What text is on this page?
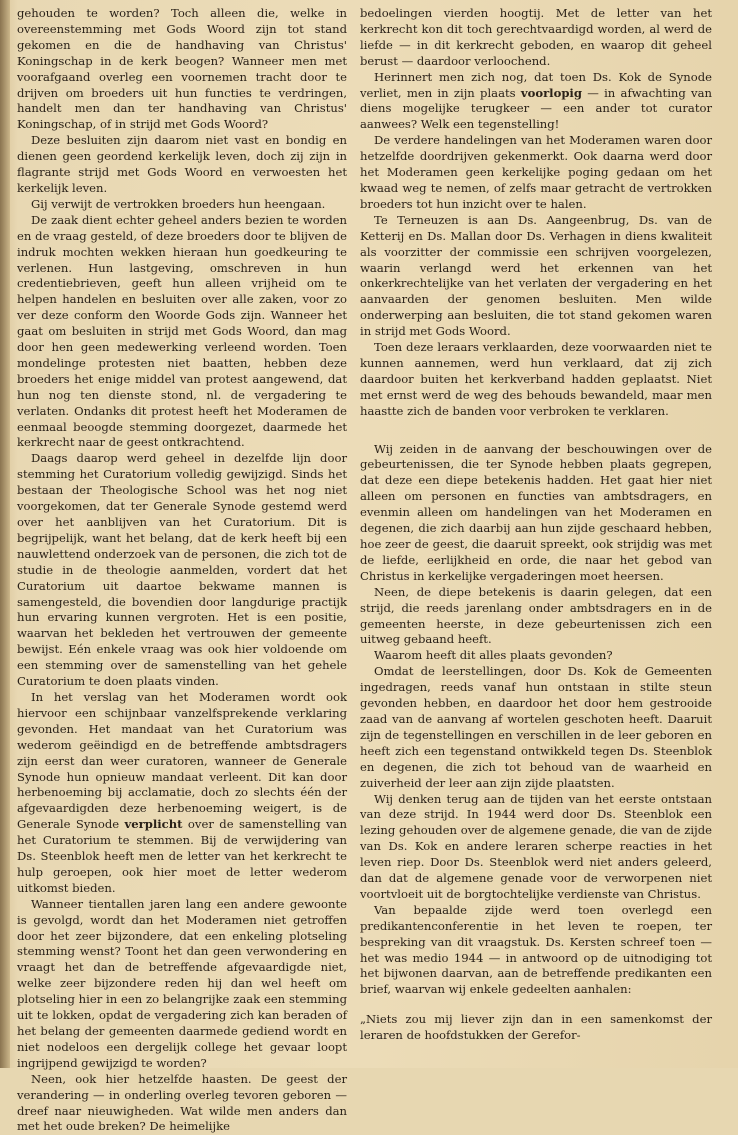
gehouden te worden? Toch alleen die, welke in overeenstemming met Gods Woord zijn tot stand gekomen en die de handhaving van Christus' Koningschap in de kerk beogen? Wanneer men met voorafgaand overleg een voornemen tracht door te drijven om broeders uit hun functies te verdringen, handelt men dan ter handhaving van Christus' Koningschap, of in strijd met Gods Woord?

Deze besluiten zijn daarom niet vast en bondig en dienen geen geordend kerkelijk leven, doch zij zijn in flagrante strijd met Gods Woord en verwoesten het kerkelijk leven.

Gij verwijt de vertrokken broeders hun heengaan.

De zaak dient echter geheel anders bezien te worden en de vraag gesteld, of deze broeders door te blijven de indruk mochten wekken hieraan hun goedkeuring te verlenen. Hun lastgeving, omschreven in hun credentiebrieven, geeft hun alleen vrijheid om te helpen handelen en besluiten over alle zaken, voor zo ver deze conform den Woorde Gods zijn. Wanneer het gaat om besluiten in strijd met Gods Woord, dan mag door hen geen medewerking verleend worden. Toen mondelinge protesten niet baatten, hebben deze broeders het enige middel van protest aangewend, dat hun nog ten dienste stond, nl. de vergadering te verlaten. Ondanks dit protest heeft het Moderamen de eenmaal beoogde stemming doorgezet, daarmede het kerkrecht naar de geest ontkrachtend.

Daags daarop werd geheel in dezelfde lijn door stemming het Curatorium volledig gewijzigd. Sinds het bestaan der Theologische School was het nog niet voorgekomen, dat ter Generale Synode gestemd werd over het aanblijven van het Curatorium. Dit is begrijpelijk, want het belang, dat de kerk heeft bij een nauwlettend onderzoek van de personen, die zich tot de studie in de theologie aanmelden, vordert dat het Curatorium uit daartoe bekwame mannen is samengesteld, die bovendien door langdurige practijk hun ervaring kunnen vergroten. Het is een positie, waarvan het bekleden het vertrouwen der gemeente bewijst. Eén enkele vraag was ook hier voldoende om een stemming over de samenstelling van het gehele Curatorium te doen plaats vinden.

In het verslag van het Moderamen wordt ook hiervoor een schijnbaar vanzelfsprekende verklaring gevonden. Het mandaat van het Curatorium was wederom geëindigd en de betreffende ambtsdragers zijn eerst dan weer curatoren, wanneer de Generale Synode hun opnieuw mandaat verleent. Dit kan door herbenoeming bij acclamatie, doch zo slechts één der afgevaardigden deze herbenoeming weigert, is de Generale Synode verplicht over de samenstelling van het Curatorium te stemmen. Bij de verwijdering van Ds. Steenblok heeft men de letter van het kerkrecht te hulp geroepen, ook hier moet de letter wederom uitkomst bieden.

Wanneer tientallen jaren lang een andere gewoonte is gevolgd, wordt dan het Moderamen niet getroffen door het zeer bijzondere, dat een enkeling plotseling stemming wenst? Toont het dan geen verwondering en vraagt het dan de betreffende afgevaardigde niet, welke zeer bijzondere reden hij dan wel heeft om plotseling hier in een zo belangrijke zaak een stemming uit te lokken, opdat de vergadering zich kan beraden of het belang der gemeenten daarmede gediend wordt en niet nodeloos een dergelijk college het gevaar loopt ingrijpend gewijzigd te worden?

Neen, ook hier hetzelfde haasten. De geest der verandering — in onderling overleg tevoren geboren — dreef naar nieuwigheden. Wat wilde men anders dan met het oude breken? De heimelijke

bedoelingen vierden hoogtij. Met de letter van het kerkrecht kon dit toch gerechtvaardigd worden, al werd de liefde — in dit kerkrecht geboden, en waarop dit geheel berust — daardoor verloochend.

Herinnert men zich nog, dat toen Ds. Kok de Synode verliet, men in zijn plaats voorlopig — in afwachting van diens mogelijke terugkeer — een ander tot curator aanwees? Welk een tegenstelling!

De verdere handelingen van het Moderamen waren door hetzelfde doordrijven gekenmerkt. Ook daarna werd door het Moderamen geen kerkelijke poging gedaan om het kwaad weg te nemen, of zelfs maar getracht de vertrokken broeders tot hun inzicht over te halen.

Te Terneuzen is aan Ds. Aangeenbrug, Ds. van de Ketterij en Ds. Mallan door Ds. Verhagen in diens kwaliteit als voorzitter der commissie een schrijven voorgelezen, waarin verlangd werd het erkennen van het onkerkrechtelijke van het verlaten der vergadering en het aanvaarden der genomen besluiten. Men wilde onderwerping aan besluiten, die tot stand gekomen waren in strijd met Gods Woord.

Toen deze leraars verklaarden, deze voorwaarden niet te kunnen aannemen, werd hun verklaard, dat zij zich daardoor buiten het kerkverband hadden geplaatst. Niet met ernst werd de weg des behouds bewandeld, maar men haastte zich de banden voor verbroken te verklaren.

Wij zeiden in de aanvang der beschouwingen over de gebeurtenissen, die ter Synode hebben plaats gegrepen, dat deze een diepe betekenis hadden. Het gaat hier niet alleen om personen en functies van ambtsdragers, en evenmin alleen om handelingen van het Moderamen en degenen, die zich daarbij aan hun zijde geschaard hebben, hoe zeer de geest, die daaruit spreekt, ook strijdig was met de liefde, eerlijkheid en orde, die naar het gebod van Christus in kerkelijke vergaderingen moet heersen.

Neen, de diepe betekenis is daarin gelegen, dat een strijd, die reeds jarenlang onder ambtsdragers en in de gemeenten heerste, in deze gebeurtenissen zich een uitweg gebaand heeft.

Waarom heeft dit alles plaats gevonden?

Omdat de leerstellingen, door Ds. Kok de Gemeenten ingedragen, reeds vanaf hun ontstaan in stilte steun gevonden hebben, en daardoor het door hem gestrooide zaad van de aanvang af wortelen geschoten heeft. Daaruit zijn de tegenstellingen en verschillen in de leer geboren en heeft zich een tegenstand ontwikkeld tegen Ds. Steenblok en degenen, die zich tot behoud van de waarheid en zuiverheid der leer aan zijn zijde plaatsten.

Wij denken terug aan de tijden van het eerste ontstaan van deze strijd. In 1944 werd door Ds. Steenblok een lezing gehouden over de algemene genade, die van de zijde van Ds. Kok en andere leraren scherpe reacties in het leven riep. Door Ds. Steenblok werd niet anders geleerd, dan dat de algemene genade voor de verworpenen niet voortvloeit uit de borgtochtelijke verdienste van Christus.

Van bepaalde zijde werd toen overlegd een predikantenconferentie in het leven te roepen, ter bespreking van dit vraagstuk. Ds. Kersten schreef toen — het was medio 1944 — in antwoord op de uitnodiging tot het bijwonen daarvan, aan de betreffende predikanten een brief, waarvan wij enkele gedeelten aanhalen:

„Niets zou mij liever zijn dan in een samenkomst der leraren de hoofdstukken der Gerefor-
